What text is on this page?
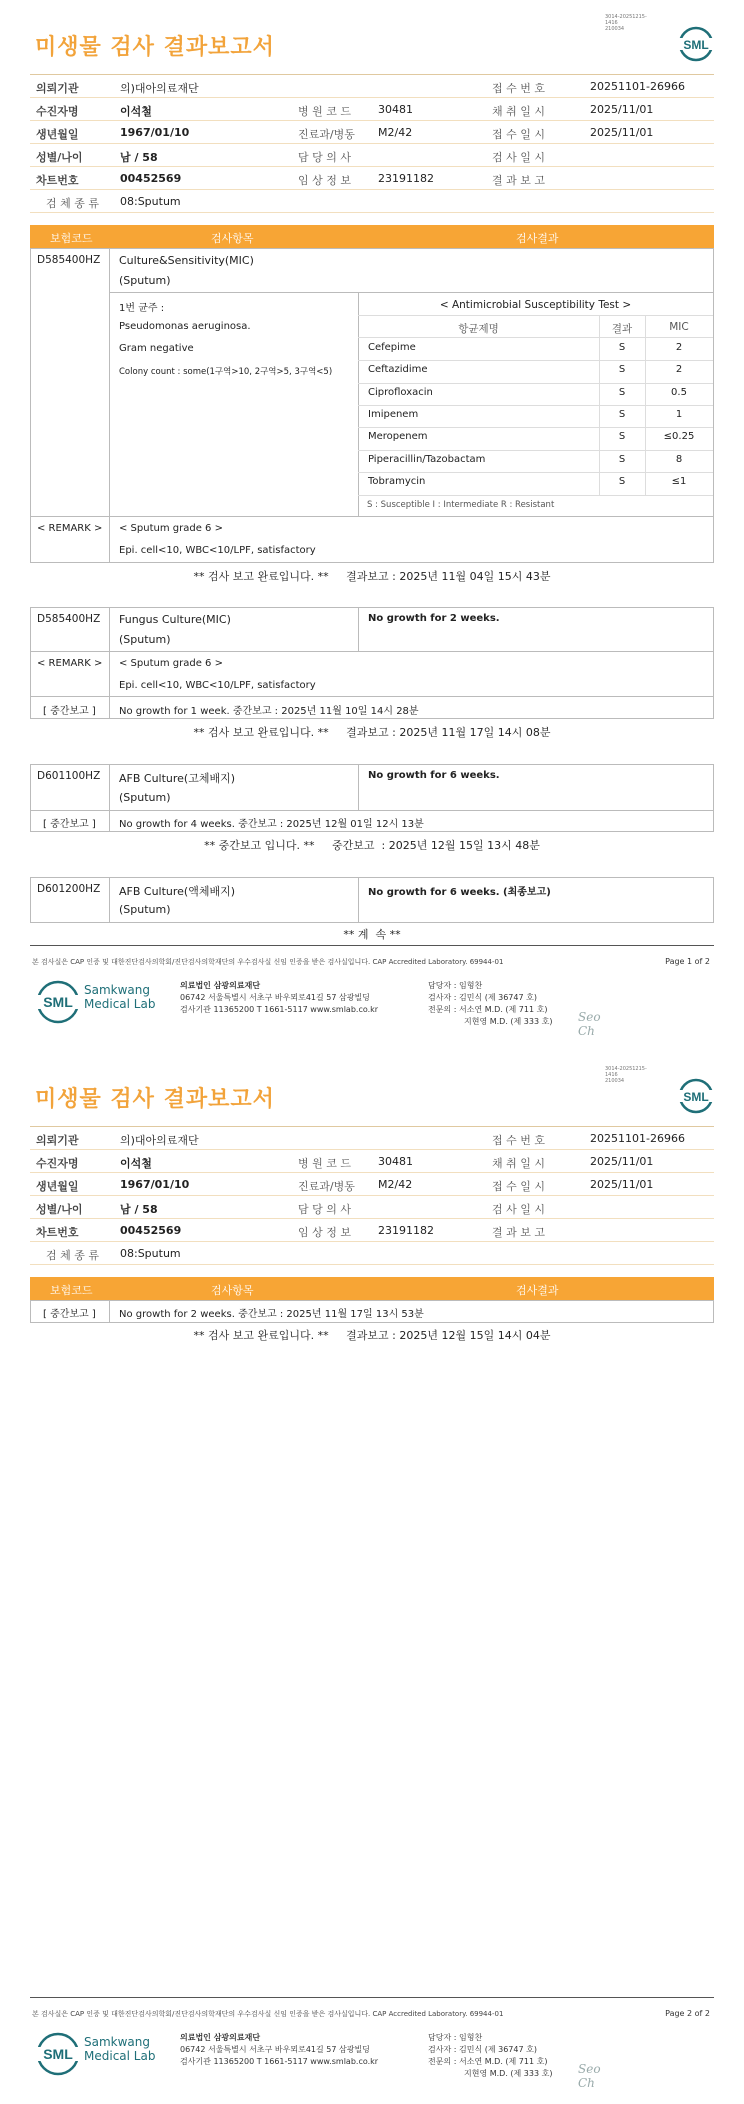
3014-20251215-1416
210034
미생물 검사 결과보고서	SML
의뢰기관	의)대아의료재단	접 수 번 호	20251101-26966
수진자명	이석철	병 원 코 드 30481	채 취 일 시	2025/11/01
생년월일	1967/01/10	진료과/병동 M2/42	접 수 일 시	2025/11/01
성별/나이	남 / 58	담 당 의 사	검 사 일 시
차트번호	00452569	임 상 정 보 23191182	결 과 보 고
검 체 종 류 08:Sputum
보험코드	검사항목	검사결과
D585400HZ Culture&Sensitivity(MIC)
(Sputum)
1번 균주 :
Pseudomonas aeruginosa.
Gram negative
Colony count : some(1구역>10, 2구역>5, 3구역<5)
< Antimicrobial Susceptibility Test >
항균제명	결과	MIC
Cefepime	S	2
Ceftazidime	S	2
Ciprofloxacin	S	0.5
Imipenem	S	1
Meropenem	S	≤0.25
Piperacillin/Tazobactam	S	8
Tobramycin	S	≤1
S : Susceptible I : Intermediate R : Resistant
< REMARK > < Sputum grade 6 >
Epi. cell<10, WBC<10/LPF, satisfactory
** 검사 보고 완료입니다. **     결과보고 : 2025년 11월 04일 15시 43분
D585400HZ Fungus Culture(MIC)
(Sputum)
No growth for 2 weeks.
< REMARK > < Sputum grade 6 >
Epi. cell<10, WBC<10/LPF, satisfactory
[ 중간보고 ] No growth for 1 week. 중간보고 : 2025년 11월 10일 14시 28분
** 검사 보고 완료입니다. **     결과보고 : 2025년 11월 17일 14시 08분
D601100HZ AFB Culture(고체배지)
(Sputum)
No growth for 6 weeks.
[ 중간보고 ] No growth for 4 weeks. 중간보고 : 2025년 12월 01일 12시 13분
** 중간보고 입니다. **     중간보고  : 2025년 12월 15일 13시 48분
D601200HZ AFB Culture(액체배지)
(Sputum)
No growth for 6 weeks. (최종보고)
** 계  속 **
본 검사실은 CAP 인증 및 대한진단검사의학회/진단검사의학재단의 우수검사실 신임 인증을 받은 검사실입니다. CAP Accredited Laboratory. 69944-01	Page 1 of 2
SML
Samkwang
Medical Lab
의료법인 삼광의료재단
06742 서울특별시 서초구 바우뫼로41길 57 삼광빌딩
검사기관 11365200 T 1661-5117 www.smlab.co.kr
담당자 : 임형찬
검사자 : 김민식 (제 36747 호)
전문의 : 서소연 M.D. (제 711 호)
지현영 M.D. (제 333 호) Seo
Ch
3014-20251215-1416
210034
미생물 검사 결과보고서	SML
의뢰기관	의)대아의료재단	접 수 번 호	20251101-26966
수진자명	이석철	병 원 코 드 30481	채 취 일 시	2025/11/01
생년월일	1967/01/10	진료과/병동 M2/42	접 수 일 시	2025/11/01
성별/나이	남 / 58	담 당 의 사	검 사 일 시
차트번호	00452569	임 상 정 보 23191182	결 과 보 고
검 체 종 류 08:Sputum
보험코드	검사항목	검사결과
[ 중간보고 ] No growth for 2 weeks. 중간보고 : 2025년 11월 17일 13시 53분
** 검사 보고 완료입니다. **     결과보고 : 2025년 12월 15일 14시 04분
본 검사실은 CAP 인증 및 대한진단검사의학회/진단검사의학재단의 우수검사실 신임 인증을 받은 검사실입니다. CAP Accredited Laboratory. 69944-01	Page 2 of 2
SML
Samkwang
Medical Lab
의료법인 삼광의료재단
06742 서울특별시 서초구 바우뫼로41길 57 삼광빌딩
검사기관 11365200 T 1661-5117 www.smlab.co.kr
담당자 : 임형찬
검사자 : 김민식 (제 36747 호)
전문의 : 서소연 M.D. (제 711 호)
지현영 M.D. (제 333 호) Seo
Ch
